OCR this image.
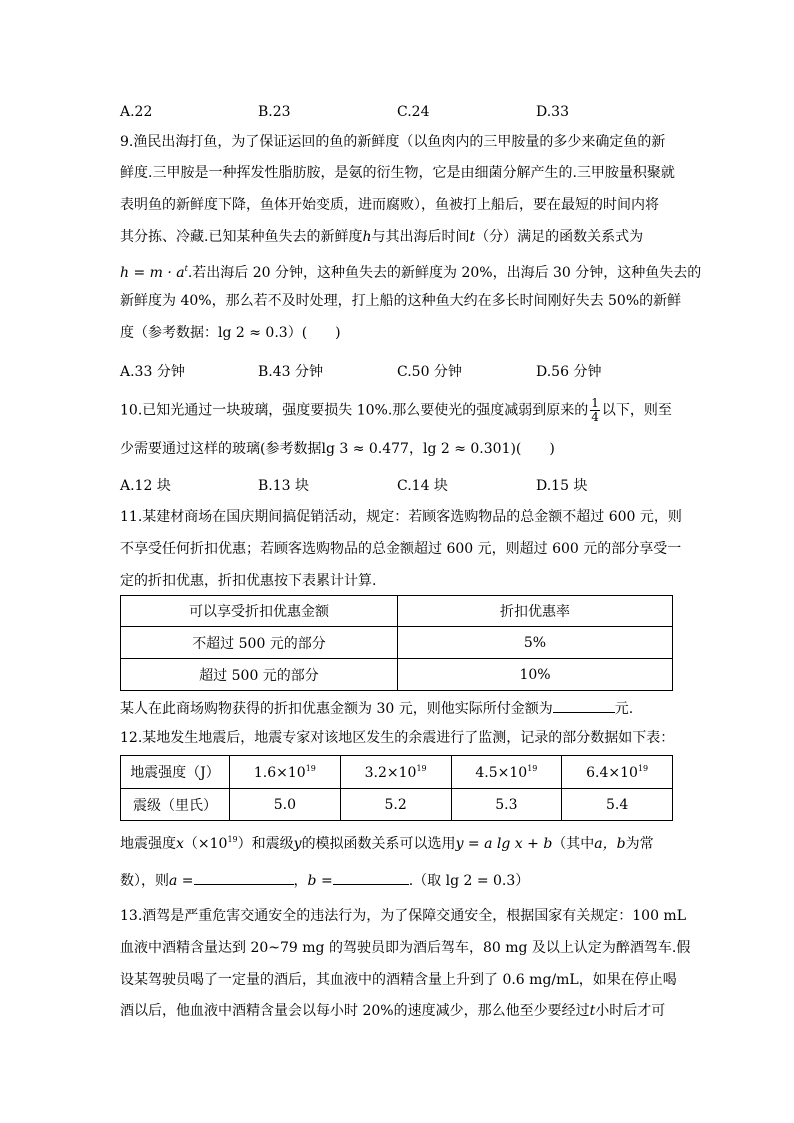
A.22	B.23	C.24	D.33
9.渔民出海打鱼，为了保证运回的鱼的新鲜度（以鱼肉内的三甲胺量的多少来确定鱼的新
鲜度.三甲胺是一种挥发性脂肪胺，是氨的衍生物，它是由细菌分解产生的.三甲胺量积聚就
表明鱼的新鲜度下降，鱼体开始变质，进而腐败），鱼被打上船后，要在最短的时间内将
其分拣、冷藏.已知某种鱼失去的新鲜度h与其出海后时间t（分）满足的函数关系式为
$h = m \cdot a^t$.若出海后 20 分钟，这种鱼失去的新鲜度为 20%，出海后 30 分钟，这种鱼失去的
新鲜度为 40%，那么若不及时处理，打上船的这种鱼大约在多长时间刚好失去 50%的新鲜
度（参考数据：lg 2 ≈ 0.3）(　　)
A.33 分钟	B.43 分钟	C.50 分钟	D.56 分钟
10.已知光通过一块玻璃，强度要损失 10%.那么要使光的强度减弱到原来的 $\frac{1}{4}$ 以下，则至
少需要通过这样的玻璃(参考数据lg 3 ≈ 0.477，lg 2 ≈ 0.301)(　　)
A.12 块	B.13 块	C.14 块	D.15 块
11.某建材商场在国庆期间搞促销活动，规定：若顾客选购物品的总金额不超过 600 元，则
不享受任何折扣优惠；若顾客选购物品的总金额超过 600 元，则超过 600 元的部分享受一
定的折扣优惠，折扣优惠按下表累计计算.
可以享受折扣优惠金额	折扣优惠率
不超过 500 元的部分	5%
超过 500 元的部分	10%
某人在此商场购物获得的折扣优惠金额为 30 元，则他实际所付金额为	元.
12.某地发生地震后，地震专家对该地区发生的余震进行了监测，记录的部分数据如下表：
地震强度（J）	$1.6\times 10^{19}$	$3.2\times 10^{19}$	$4.5\times 10^{19}$	$6.4\times 10^{19}$
震级（里氏）	5.0	5.2	5.3	5.4
地震强度$x(\times 10^{19})$和震级y的模拟函数关系可以选用y = a lg x + b（其中a，b为常
数），则a =	，b =	.（取 lg 2 = 0.3）
13.酒驾是严重危害交通安全的违法行为，为了保障交通安全，根据国家有关规定：100 mL
血液中酒精含量达到 20~79 mg 的驾驶员即为酒后驾车，80 mg 及以上认定为醉酒驾车.假
设某驾驶员喝了一定量的酒后，其血液中的酒精含量上升到了 0.6 mg/mL，如果在停止喝
酒以后，他血液中酒精含量会以每小时 20%的速度减少，那么他至少要经过t小时后才可
